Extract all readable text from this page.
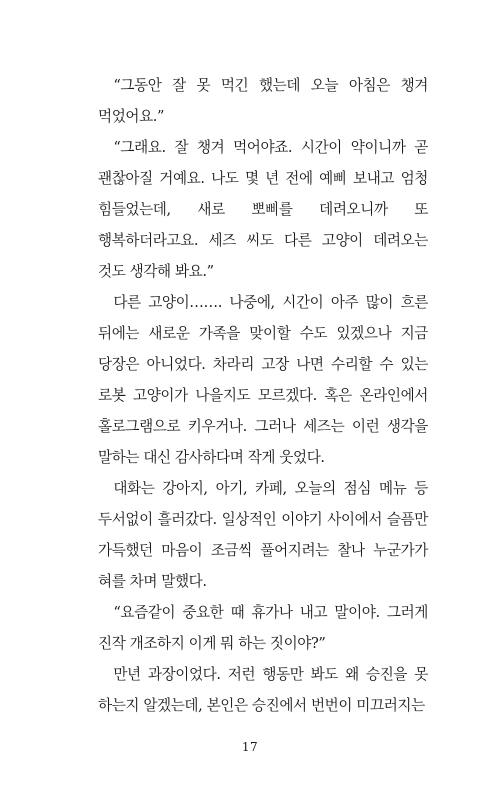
“그동안 잘 못 먹긴 했는데 오늘 아침은 챙겨 먹었어요.”

“그래요. 잘 챙겨 먹어야죠. 시간이 약이니까 곧 괜찮아질 거예요. 나도 몇 년 전에 예삐 보내고 엄청 힘들었는데, 새로 뽀삐를 데려오니까 또 행복하더라고요. 세즈 씨도 다른 고양이 데려오는 것도 생각해 봐요.”

다른 고양이……. 나중에, 시간이 아주 많이 흐른 뒤에는 새로운 가족을 맞이할 수도 있겠으나 지금 당장은 아니었다. 차라리 고장 나면 수리할 수 있는 로봇 고양이가 나을지도 모르겠다. 혹은 온라인에서 홀로그램으로 키우거나. 그러나 세즈는 이런 생각을 말하는 대신 감사하다며 작게 웃었다.

대화는 강아지, 아기, 카페, 오늘의 점심 메뉴 등 두서없이 흘러갔다. 일상적인 이야기 사이에서 슬픔만 가득했던 마음이 조금씩 풀어지려는 찰나 누군가가 혀를 차며 말했다.

“요즘같이 중요한 때 휴가나 내고 말이야. 그러게 진작 개조하지 이게 뭐 하는 짓이야?”

만년 과장이었다. 저런 행동만 봐도 왜 승진을 못 하는지 알겠는데, 본인은 승진에서 번번이 미끄러지는

17
